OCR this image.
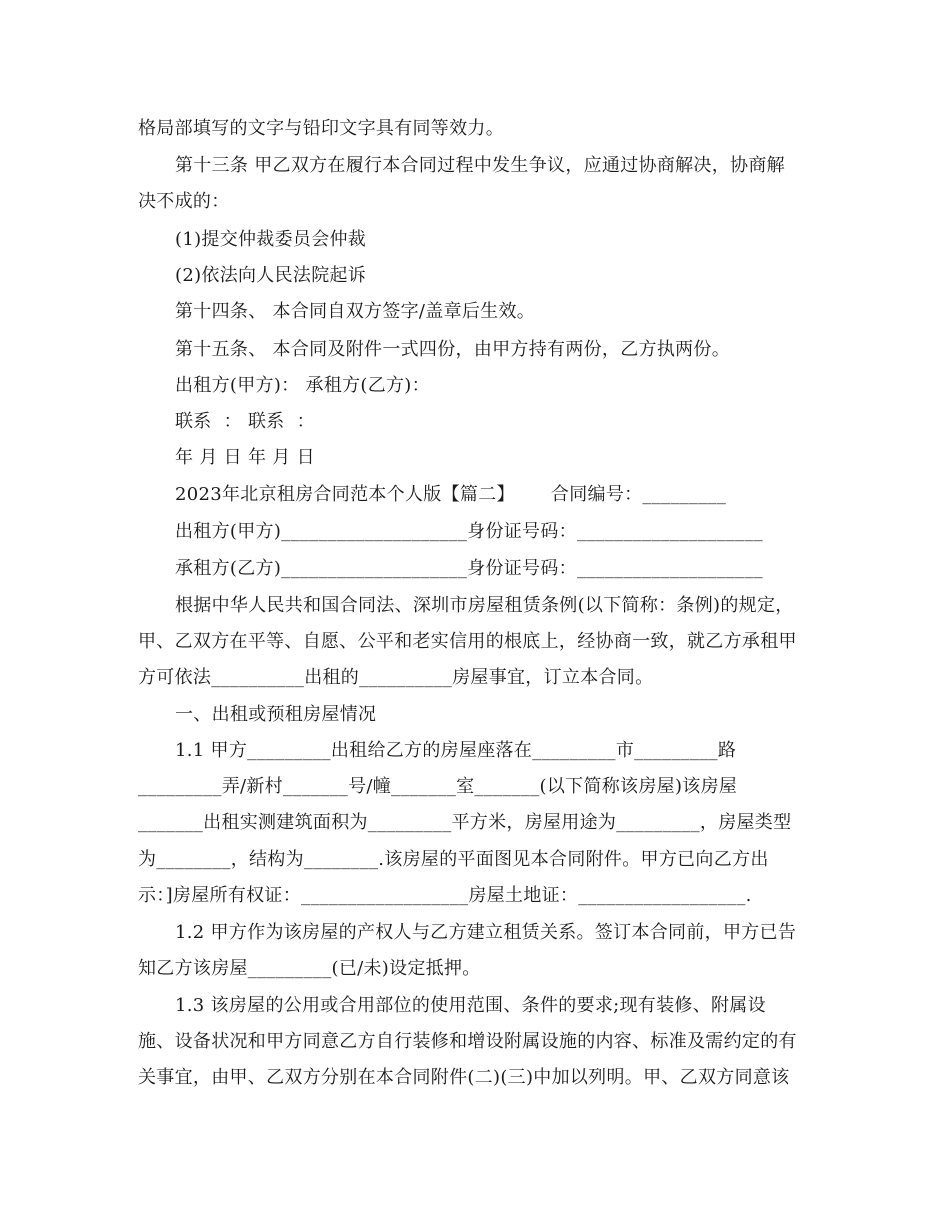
格局部填写的文字与铅印文字具有同等效力。
第十三条 甲乙双方在履行本合同过程中发生争议，应通过协商解决，协商解
决不成的：
(1)提交仲裁委员会仲裁
(2)依法向人民法院起诉
第十四条、 本合同自双方签字/盖章后生效。
第十五条、 本合同及附件一式四份，由甲方持有两份，乙方执两份。
出租方(甲方)： 承租方(乙方)：
联系  ： 联系  ：
年 月 日 年 月 日
2023年北京租房合同范本个人版【篇二】      合同编号：_________
出租方(甲方)____________________身份证号码：____________________
承租方(乙方)____________________身份证号码：____________________
根据中华人民共和国合同法、深圳市房屋租赁条例(以下简称：条例)的规定，
甲、乙双方在平等、自愿、公平和老实信用的根底上，经协商一致，就乙方承租甲
方可依法__________出租的__________房屋事宜，订立本合同。
一、出租或预租房屋情况
1.1 甲方_________出租给乙方的房屋座落在_________市_________路
_________弄/新村_______号/幢_______室_______(以下简称该房屋)该房屋
_______出租实测建筑面积为_________平方米，房屋用途为_________，房屋类型
为________，结构为________.该房屋的平面图见本合同附件。甲方已向乙方出
示：]房屋所有权证：__________________房屋土地证：__________________.
1.2 甲方作为该房屋的产权人与乙方建立租赁关系。签订本合同前，甲方已告
知乙方该房屋_________(已/未)设定抵押。
1.3 该房屋的公用或合用部位的使用范围、条件的要求;现有装修、附属设
施、设备状况和甲方同意乙方自行装修和增设附属设施的内容、标准及需约定的有
关事宜，由甲、乙双方分别在本合同附件(二)(三)中加以列明。甲、乙双方同意该
